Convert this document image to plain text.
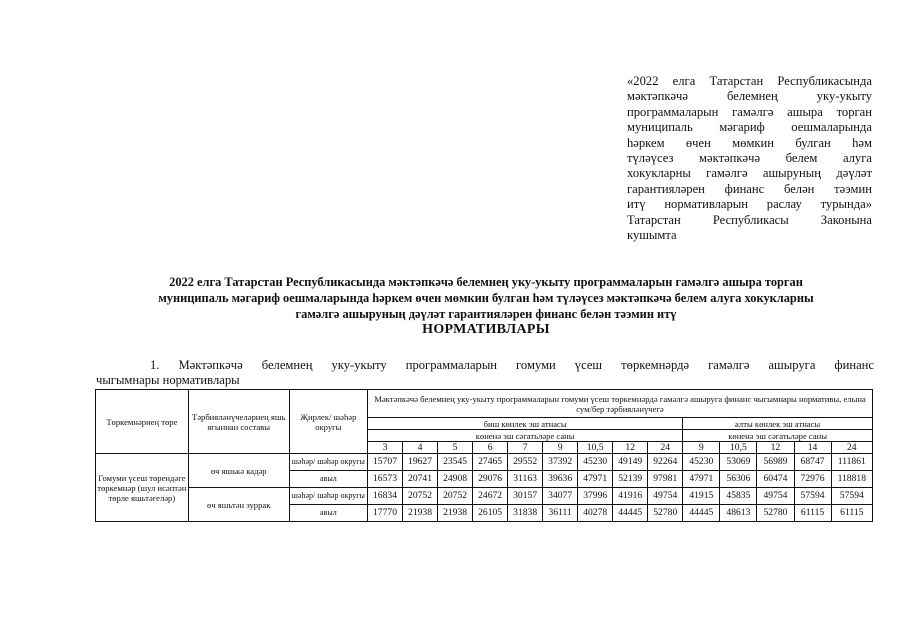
«2022 елга Татарстан Республикасында
мәктәпкәчә белемнең уку-укыту
программаларын гамәлгә ашыра торган
муниципаль мәгариф оешмаларында
һәркем өчен мөмкин булган һәм
түләүсез мәктәпкәчә белем алуга
хокукларны гамәлгә ашыруның дәүләт
гарантияләрен финанс белән тәэмин
итү нормативларын раслау турында»
Татарстан Республикасы Законына
кушымта
2022 елга Татарстан Республикасында мәктәпкәчә белемнең уку-укыту программаларын гамәлгә ашыра торган
муниципаль мәгариф оешмаларында һәркем өчен мөмкин булган һәм түләүсез мәктәпкәчә белем алуга хокукларны
гамәлгә ашыруның дәүләт гарантияләрен финанс белән тәэмин итү
НОРМАТИВЛАРЫ
1. Мәктәпкәчә белемнең уку-укыту программаларын гомуми үсеш төркемнәрдә гамәлгә ашыруга финанс
чыгымнары нормативлары
Төркемнәрнең төре	Тәрбияләнүчеләрнең яшь ягыннан составы	Җирлек/ шәһәр округы	Мәктәпкәчә белемнең уку-укыту программаларын гомуми үсеш төркемнәрдә гамәлгә ашыруга финанс чыгымнары нормативы, елына сум/бер тәрбияләнүчегә													
			биш көнлек эш атнасы									алты көнлек эш атнасы				
			көненә эш сәгатьләре саны									көненә эш сәгатьләре саны				
			3	4	5	6	7	9	10,5	12	24	9	10,5	12	14	24
Гомуми үсеш төрендәге төркемнәр (шул исәптән төрле яшьтәгеләр)	өч яшькә кадәр	шәһәр/ шәһәр округы	15707	19627	23545	27465	29552	37392	45230	49149	92264	45230	53069	56989	68747	111861
		авыл	16573	20741	24908	29076	31163	39636	47971	52139	97981	47971	56306	60474	72976	118818
	өч яшьтән зуррак	шәһәр/ шәһәр округы	16834	20752	20752	24672	30157	34077	37996	41916	49754	41915	45835	49754	57594	57594
		авыл	17770	21938	21938	26105	31838	36111	40278	44445	52780	44445	48613	52780	61115	61115
